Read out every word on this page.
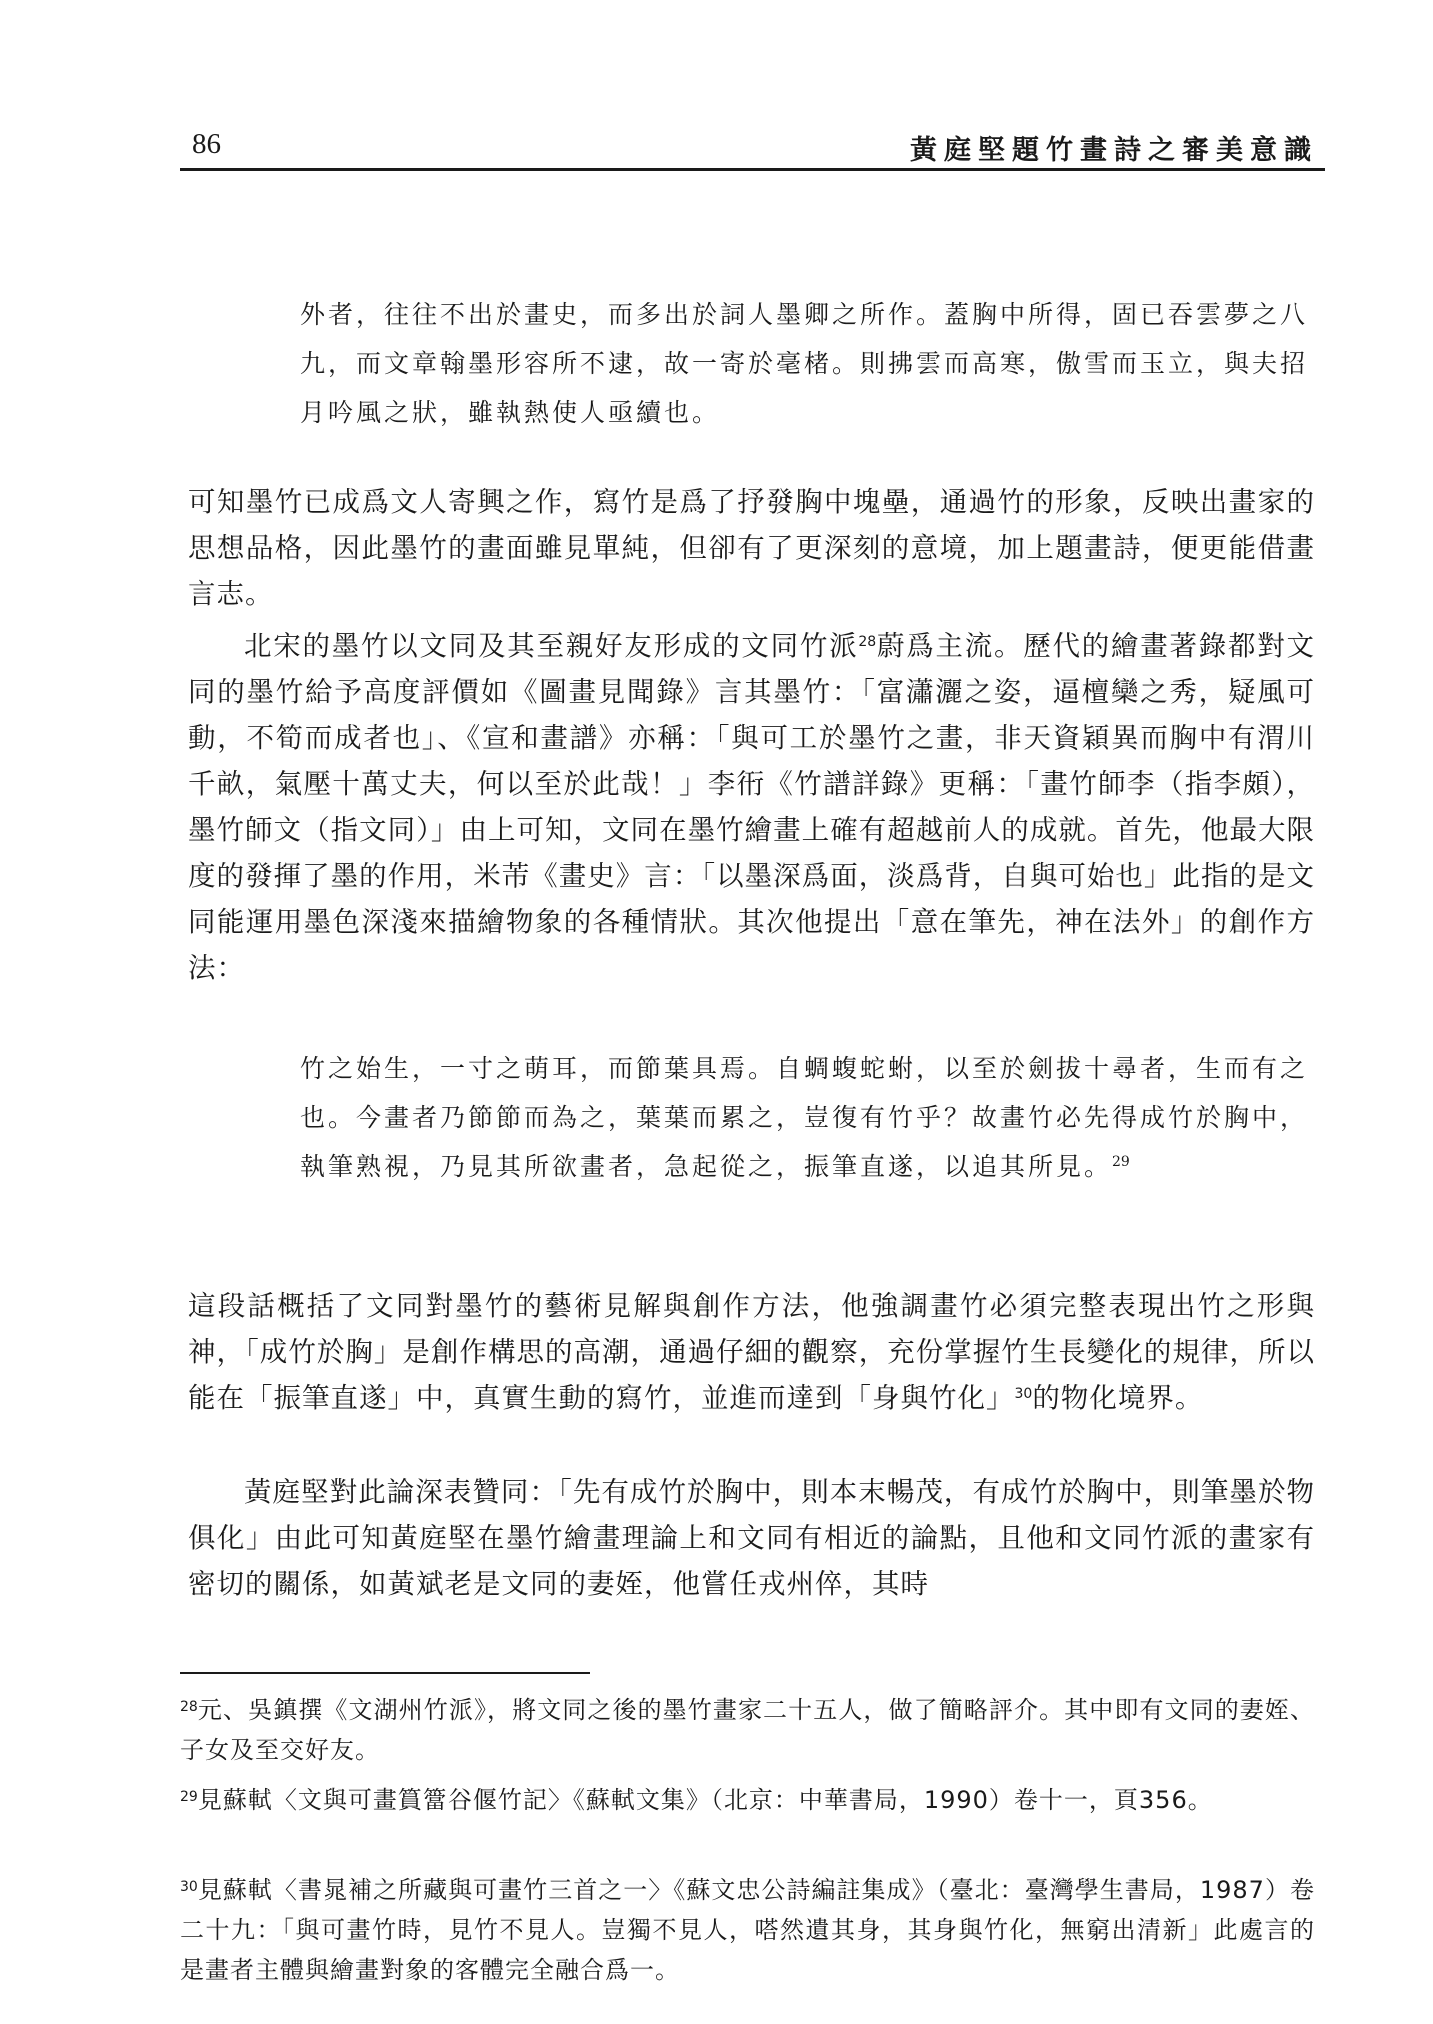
86	黃庭堅題竹畫詩之審美意識

外者，往往不出於畫史，而多出於詞人墨卿之所作。蓋胸中所得，固已吞雲夢之八九，而文章翰墨形容所不逮，故一寄於毫楮。則拂雲而高寒，傲雪而玉立，與夫招月吟風之狀，雖執熱使人亟續也。

可知墨竹已成爲文人寄興之作，寫竹是爲了抒發胸中塊壘，通過竹的形象，反映出畫家的思想品格，因此墨竹的畫面雖見單純，但卻有了更深刻的意境，加上題畫詩，便更能借畫言志。

北宋的墨竹以文同及其至親好友形成的文同竹派$^{28}$蔚爲主流。歷代的繪畫著錄都對文同的墨竹給予高度評價如《圖畫見聞錄》言其墨竹：「富瀟灑之姿，逼檀欒之秀，疑風可動，不筍而成者也」、《宣和畫譜》亦稱：「與可工於墨竹之畫，非天資穎異而胸中有渭川千畝，氣壓十萬丈夫，何以至於此哉！」李衎《竹譜詳錄》更稱：「畫竹師李（指李頗），墨竹師文（指文同）」由上可知，文同在墨竹繪畫上確有超越前人的成就。首先，他最大限度的發揮了墨的作用，米芾《畫史》言：「以墨深爲面，淡爲背，自與可始也」此指的是文同能運用墨色深淺來描繪物象的各種情狀。其次他提出「意在筆先，神在法外」的創作方法：

竹之始生，一寸之萌耳，而節葉具焉。自蜩蝮蛇蚹，以至於劍拔十尋者，生而有之也。今畫者乃節節而為之，葉葉而累之，豈復有竹乎？故畫竹必先得成竹於胸中，執筆熟視，乃見其所欲畫者，急起從之，振筆直遂，以追其所見。$^{29}$

這段話概括了文同對墨竹的藝術見解與創作方法，他強調畫竹必須完整表現出竹之形與神，「成竹於胸」是創作構思的高潮，通過仔細的觀察，充份掌握竹生長變化的規律，所以能在「振筆直遂」中，真實生動的寫竹，並進而達到「身與竹化」$^{30}$的物化境界。

黃庭堅對此論深表贊同：「先有成竹於胸中，則本末暢茂，有成竹於胸中，則筆墨於物俱化」由此可知黃庭堅在墨竹繪畫理論上和文同有相近的論點，且他和文同竹派的畫家有密切的關係，如黃斌老是文同的妻姪，他嘗任戎州倅，其時

$^{28}$元、吳鎮撰《文湖州竹派》，將文同之後的墨竹畫家二十五人，做了簡略評介。其中即有文同的妻姪、子女及至交好友。

$^{29}$見蘇軾〈文與可畫篔簹谷偃竹記〉《蘇軾文集》（北京：中華書局，1990）卷十一，頁356。

$^{30}$見蘇軾〈書晁補之所藏與可畫竹三首之一〉《蘇文忠公詩編註集成》（臺北：臺灣學生書局，1987）卷二十九：「與可畫竹時，見竹不見人。豈獨不見人，嗒然遺其身，其身與竹化，無窮出清新」此處言的是畫者主體與繪畫對象的客體完全融合爲一。
